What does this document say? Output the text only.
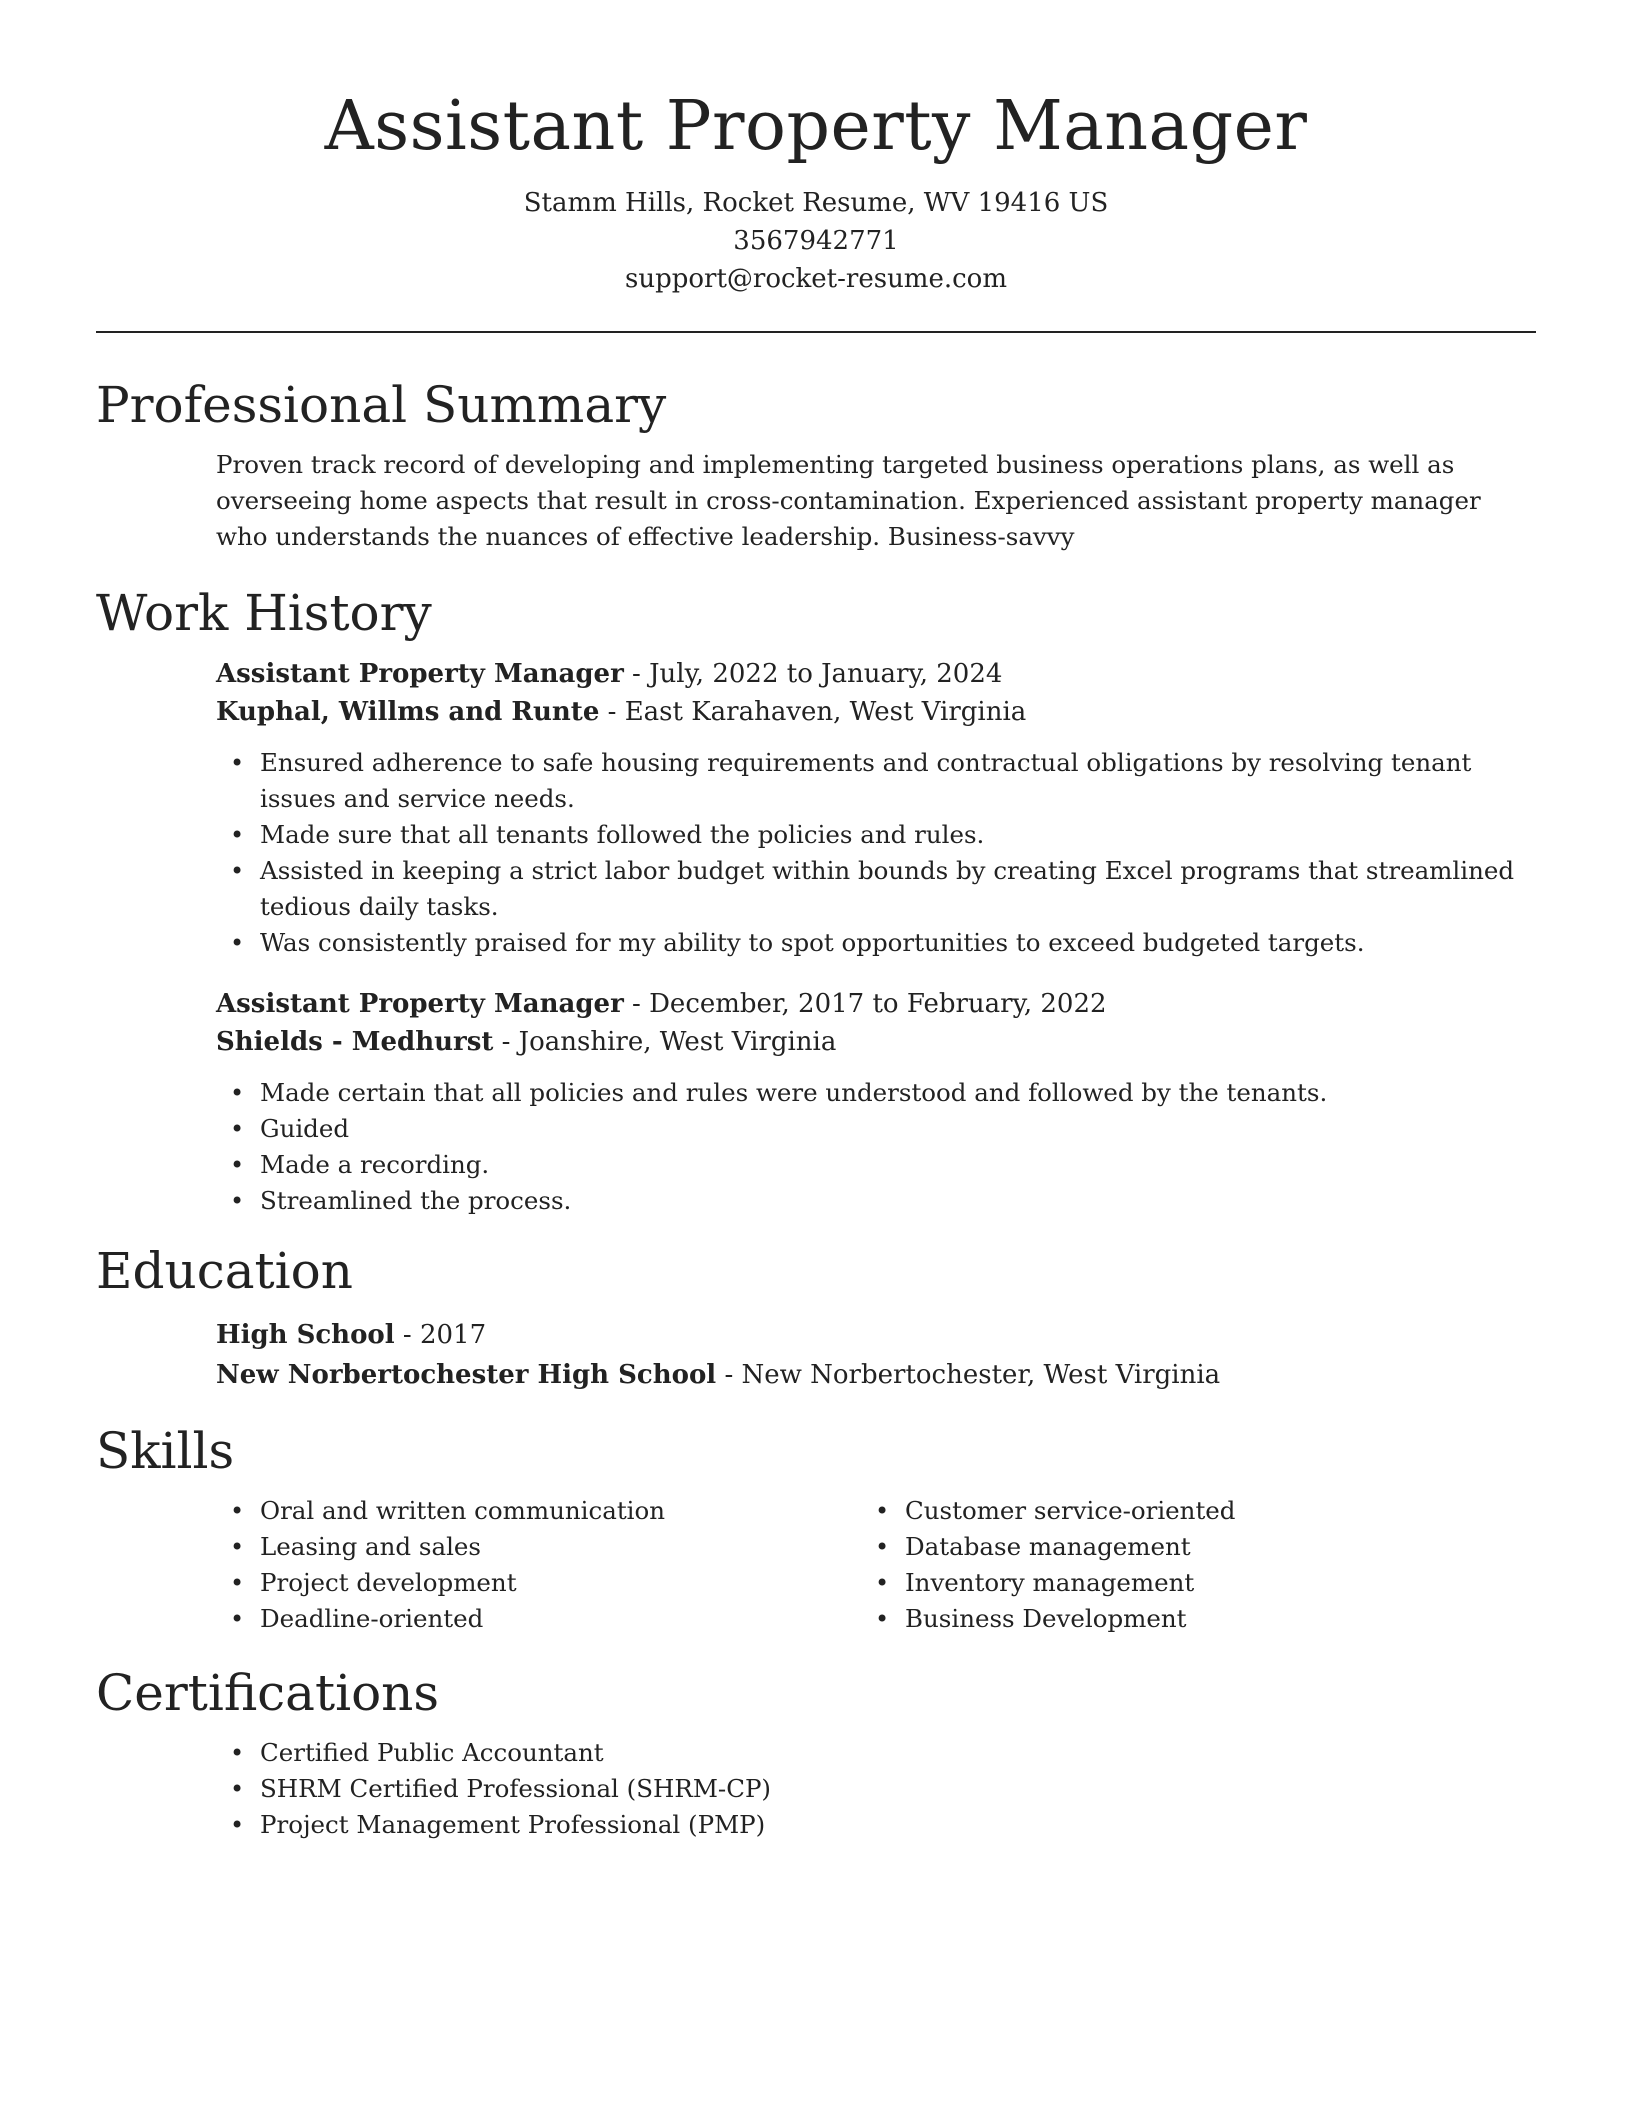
Assistant Property Manager

Stamm Hills, Rocket Resume, WV 19416 US

3567942771

support@rocket-resume.com

Professional Summary

Proven track record of developing and implementing targeted business operations plans, as well as overseeing home aspects that result in cross-contamination. Experienced assistant property manager who understands the nuances of effective leadership. Business-savvy

Work History

Assistant Property Manager - July, 2022 to January, 2024

Kuphal, Willms and Runte - East Karahaven, West Virginia

• Ensured adherence to safe housing requirements and contractual obligations by resolving tenant issues and service needs.
• Made sure that all tenants followed the policies and rules.
• Assisted in keeping a strict labor budget within bounds by creating Excel programs that streamlined tedious daily tasks.
• Was consistently praised for my ability to spot opportunities to exceed budgeted targets.

Assistant Property Manager - December, 2017 to February, 2022

Shields - Medhurst - Joanshire, West Virginia

• Made certain that all policies and rules were understood and followed by the tenants.
• Guided
• Made a recording.
• Streamlined the process.
Education

High School - 2017

New Norbertochester High School - New Norbertochester, West Virginia

Skills
• Oral and written communication
• Leasing and sales
• Project development
• Deadline-oriented
• Customer service-oriented
• Database management
• Inventory management
• Business Development
Certifications
• Certified Public Accountant
• SHRM Certified Professional (SHRM-CP)
• Project Management Professional (PMP)
